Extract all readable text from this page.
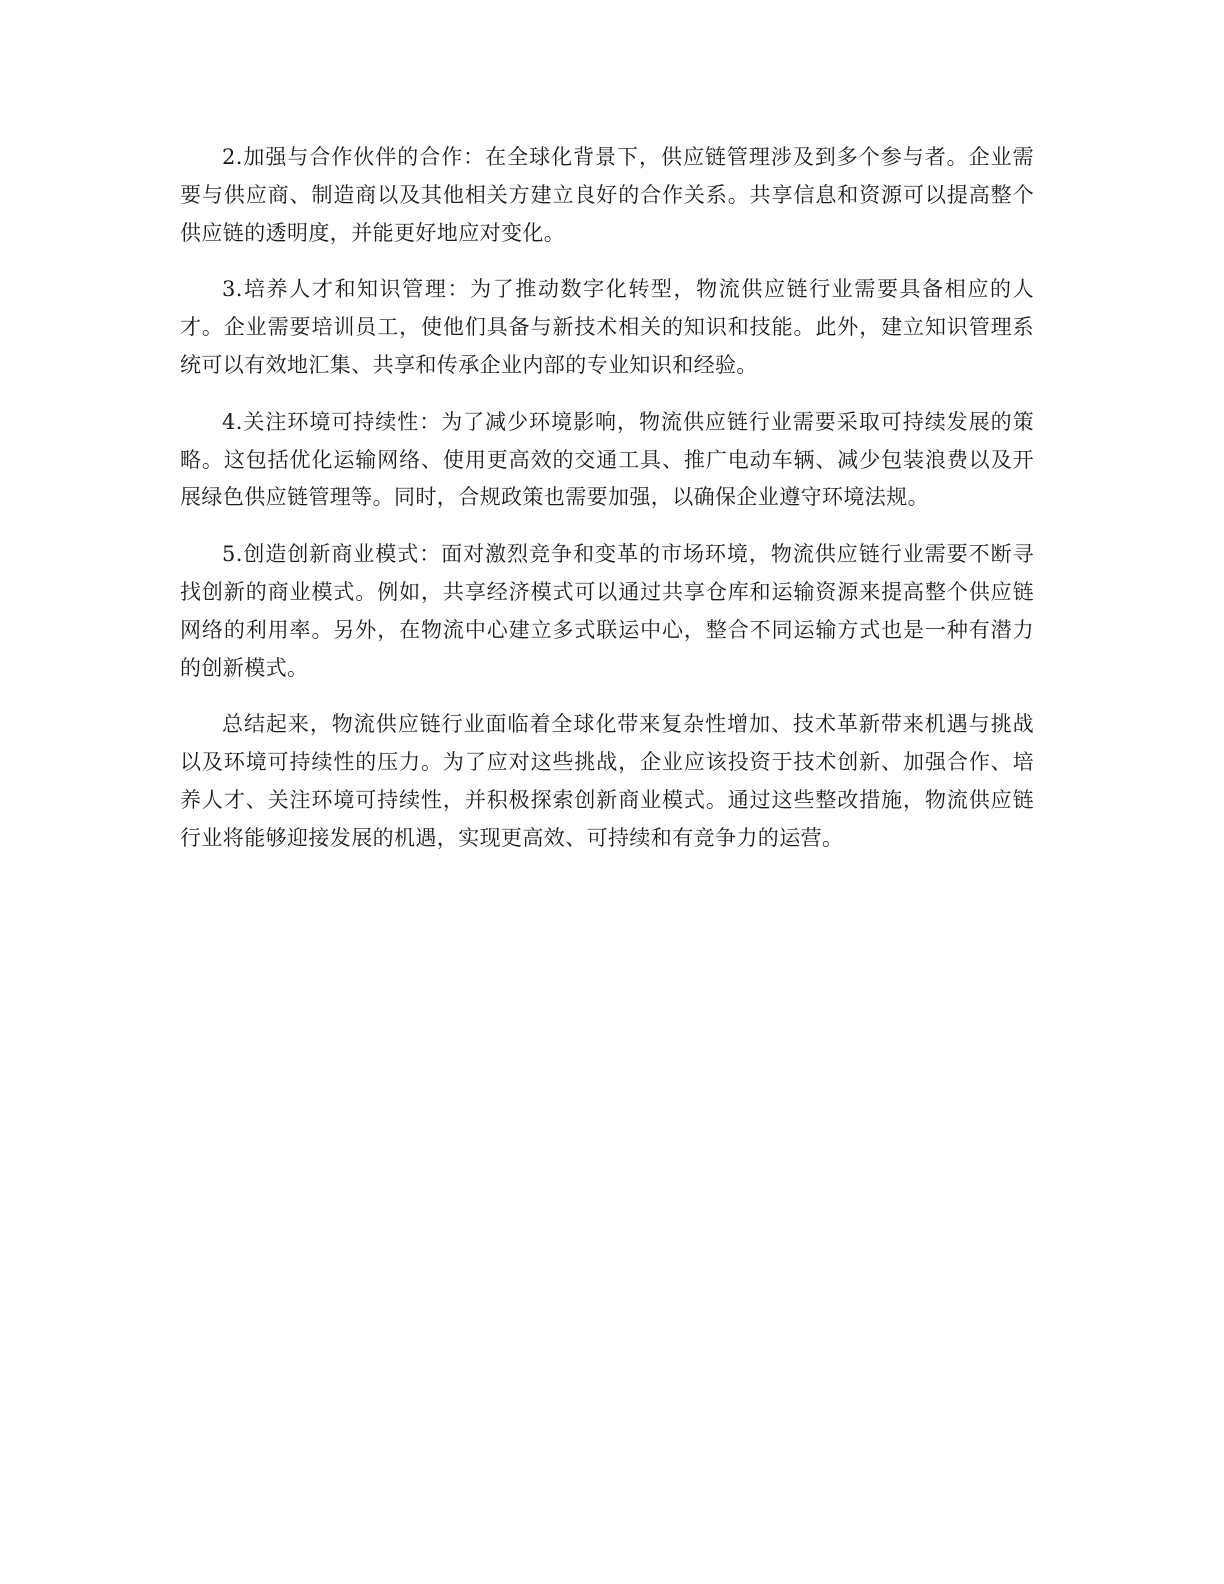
2.加强与合作伙伴的合作：在全球化背景下，供应链管理涉及到多个参与者。企业需要与供应商、制造商以及其他相关方建立良好的合作关系。共享信息和资源可以提高整个供应链的透明度，并能更好地应对变化。

3.培养人才和知识管理：为了推动数字化转型，物流供应链行业需要具备相应的人才。企业需要培训员工，使他们具备与新技术相关的知识和技能。此外，建立知识管理系统可以有效地汇集、共享和传承企业内部的专业知识和经验。

4.关注环境可持续性：为了减少环境影响，物流供应链行业需要采取可持续发展的策略。这包括优化运输网络、使用更高效的交通工具、推广电动车辆、减少包装浪费以及开展绿色供应链管理等。同时，合规政策也需要加强，以确保企业遵守环境法规。

5.创造创新商业模式：面对激烈竞争和变革的市场环境，物流供应链行业需要不断寻找创新的商业模式。例如，共享经济模式可以通过共享仓库和运输资源来提高整个供应链网络的利用率。另外，在物流中心建立多式联运中心，整合不同运输方式也是一种有潜力的创新模式。

总结起来，物流供应链行业面临着全球化带来复杂性增加、技术革新带来机遇与挑战以及环境可持续性的压力。为了应对这些挑战，企业应该投资于技术创新、加强合作、培养人才、关注环境可持续性，并积极探索创新商业模式。通过这些整改措施，物流供应链行业将能够迎接发展的机遇，实现更高效、可持续和有竞争力的运营。
